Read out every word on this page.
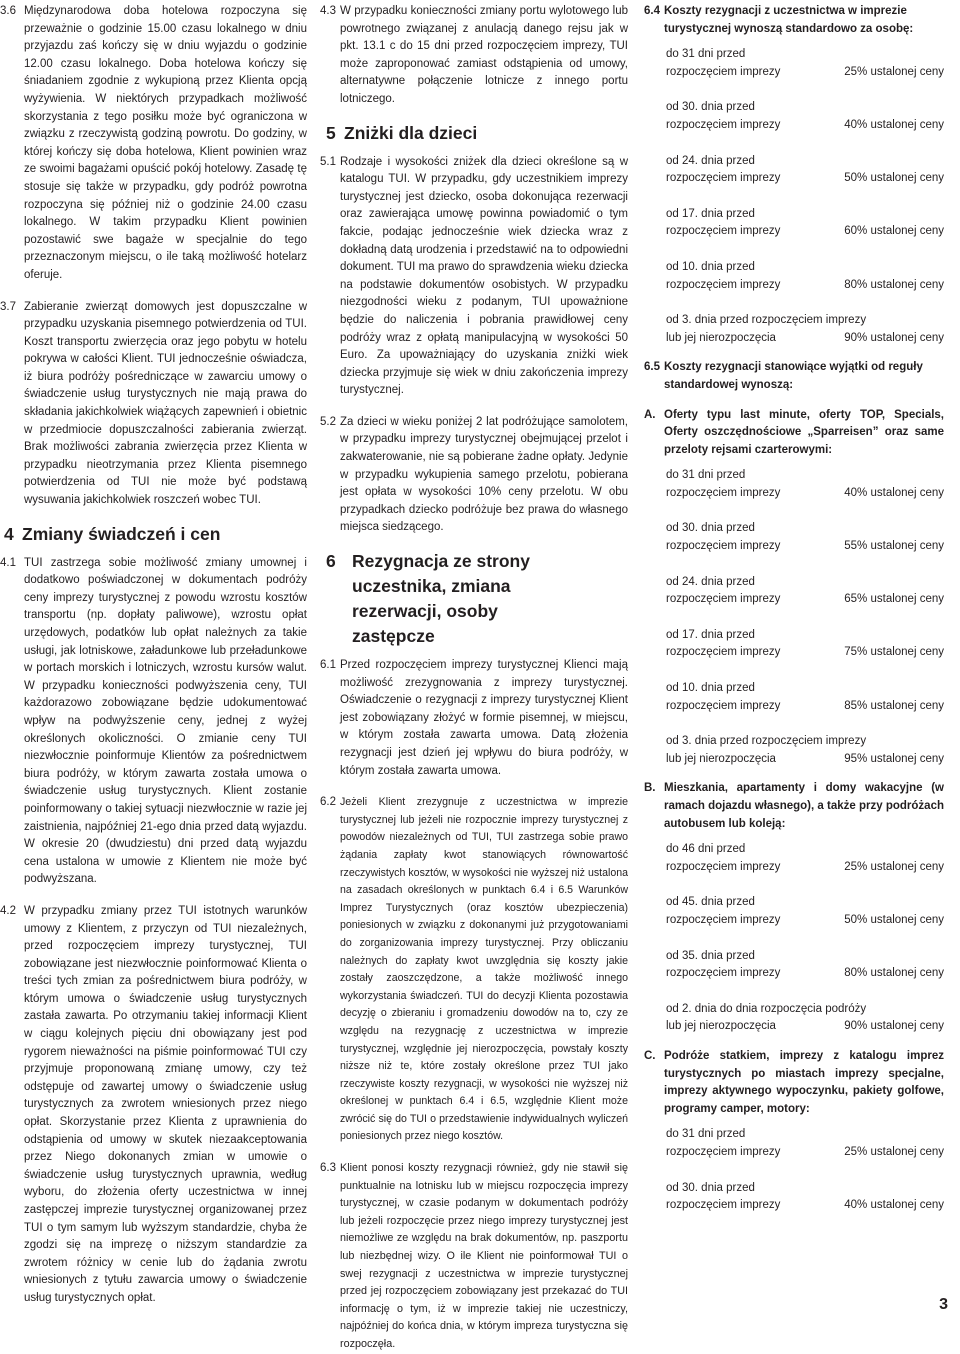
3.6 Międzynarodowa doba hotelowa rozpoczyna się przeważnie o godzinie 15.00 czasu lokalnego w dniu przyjazdu zaś kończy się w dniu wyjazdu o godzinie 12.00 czasu lokalnego. Doba hotelowa kończy się śniadaniem zgodnie z wykupioną przez Klienta opcją wyżywienia. W niektórych przypadkach możliwość skorzystania z tego posiłku może być ograniczona w związku z rzeczywistą godziną powrotu. Do godziny, w której kończy się doba hotelowa, Klient powinien wraz ze swoimi bagażami opuścić pokój hotelowy. Zasadę tę stosuje się także w przypadku, gdy podróż powrotna rozpoczyna się później niż o godzinie 24.00 czasu lokalnego. W takim przypadku Klient powinien pozostawić swe bagaże w specjalnie do tego przeznaczonym miejscu, o ile taką możliwość hotelarz oferuje.
3.7 Zabieranie zwierząt domowych jest dopuszczalne w przypadku uzyskania pisemnego potwierdzenia od TUI. Koszt transportu zwierzęcia oraz jego pobytu w hotelu pokrywa w całości Klient. TUI jednocześnie oświadcza, iż biura podróży pośredniczące w zawarciu umowy o świadczenie usług turystycznych nie mają prawa do składania jakichkolwiek wiążących zapewnień i obietnic w przedmiocie dopuszczalności zabierania zwierząt. Brak możliwości zabrania zwierzęcia przez Klienta w przypadku nieotrzymania przez Klienta pisemnego potwierdzenia od TUI nie może być podstawą wysuwania jakichkolwiek roszczeń wobec TUI.
4 Zmiany świadczeń i cen
4.1 TUI zastrzega sobie możliwość zmiany umownej i dodatkowo poświadczonej w dokumentach podróży ceny imprezy turystycznej z powodu wzrostu kosztów transportu (np. dopłaty paliwowe), wzrostu opłat urzędowych, podatków lub opłat należnych za takie usługi, jak lotniskowe, załadunkowe lub przeładunkowe w portach morskich i lotniczych, wzrostu kursów walut. W przypadku konieczności podwyższenia ceny, TUI każdorazowo zobowiązane będzie udokumentować wpływ na podwyższenie ceny, jednej z wyżej określonych okoliczności. O zmianie ceny TUI niezwłocznie poinformuje Klientów za pośrednictwem biura podróży, w którym zawarta została umowa o świadczenie usług turystycznych. Klient zostanie poinformowany o takiej sytuacji niezwłocznie w razie jej zaistnienia, najpóźniej 21-ego dnia przed datą wyjazdu. W okresie 20 (dwudziestu) dni przed datą wyjazdu cena ustalona w umowie z Klientem nie może być podwyższana.
4.2 W przypadku zmiany przez TUI istotnych warunków umowy z Klientem, z przyczyn od TUI niezależnych, przed rozpoczęciem imprezy turystycznej, TUI zobowiązane jest niezwłocznie poinformować Klienta o treści tych zmian za pośrednictwem biura podróży, w którym umowa o świadczenie usług turystycznych zastała zawarta. Po otrzymaniu takiej informacji Klient w ciągu kolejnych pięciu dni obowiązany jest pod rygorem nieważności na piśmie poinformować TUI czy przyjmuje proponowaną zmianę umowy, czy też odstępuje od zawartej umowy o świadczenie usług turystycznych za zwrotem wniesionych przez niego opłat. Skorzystanie przez Klienta z uprawnienia do odstąpienia od umowy w skutek niezaakceptowania przez Niego dokonanych zmian w umowie o świadczenie usług turystycznych uprawnia, według wyboru, do złożenia oferty uczestnictwa w innej zastępczej imprezie turystycznej organizowanej przez TUI o tym samym lub wyższym standardzie, chyba że zgodzi się na imprezę o niższym standardzie za zwrotem różnicy w cenie lub do żądania zwrotu wniesionych z tytułu zawarcia umowy o świadczenie usług turystycznych opłat.
4.3 W przypadku konieczności zmiany portu wylotowego lub powrotnego związanej z anulacją danego rejsu jak w pkt. 13.1 c do 15 dni przed rozpoczęciem imprezy, TUI może zaproponować zamiast odstąpienia od umowy, alternatywne połączenie lotnicze z innego portu lotniczego.
5 Zniżki dla dzieci
5.1 Rodzaje i wysokości zniżek dla dzieci określone są w katalogu TUI. W przypadku, gdy uczestnikiem imprezy turystycznej jest dziecko, osoba dokonująca rezerwacji oraz zawierająca umowę powinna powiadomić o tym fakcie, podając jednocześnie wiek dziecka wraz z dokładną datą urodzenia i przedstawić na to odpowiedni dokument. TUI ma prawo do sprawdzenia wieku dziecka na podstawie dokumentów osobistych. W przypadku niezgodności wieku z podanym, TUI upoważnione będzie do naliczenia i pobrania prawidłowej ceny podróży wraz z opłatą manipulacyjną w wysokości 50 Euro. Za upoważniający do uzyskania zniżki wiek dziecka przyjmuje się wiek w dniu zakończenia imprezy turystycznej.
5.2 Za dzieci w wieku poniżej 2 lat podróżujące samolotem, w przypadku imprezy turystycznej obejmującej przelot i zakwaterowanie, nie są pobierane żadne opłaty. Jedynie w przypadku wykupienia samego przelotu, pobierana jest opłata w wysokości 10% ceny przelotu. W obu przypadkach dziecko podróżuje bez prawa do własnego miejsca siedzącego.
6 Rezygnacja ze strony uczestnika, zmiana rezerwacji, osoby zastępcze
6.1 Przed rozpoczęciem imprezy turystycznej Klienci mają możliwość zrezygnowania z imprezy turystycznej. Oświadczenie o rezygnacji z imprezy turystycznej Klient jest zobowiązany złożyć w formie pisemnej, w miejscu, w którym została zawarta umowa. Datą złożenia rezygnacji jest dzień jej wpływu do biura podróży, w którym została zawarta umowa.
6.2 Jeżeli Klient zrezygnuje z uczestnictwa w imprezie turystycznej lub jeżeli nie rozpocznie imprezy turystycznej z powodów niezależnych od TUI, TUI zastrzega sobie prawo żądania zapłaty kwot stanowiących równowartość rzeczywistych kosztów, w wysokości nie wyższej niż ustalona na zasadach określonych w punktach 6.4 i 6.5 Warunków Imprez Turystycznych (oraz kosztów ubezpieczenia) poniesionych w związku z dokonanymi już przygotowaniami do zorganizowania imprezy turystycznej. Przy obliczaniu należnych do zapłaty kwot uwzględnia się koszty jakie zostały zaoszczędzone, a także możliwość innego wykorzystania świadczeń. TUI do decyzji Klienta pozostawia decyzję o zbieraniu i gromadzeniu dowodów na to, czy ze względu na rezygnację z uczestnictwa w imprezie turystycznej, względnie jej nierozpoczęcia, powstały koszty niższe niż te, które zostały określone przez TUI jako rzeczywiste koszty rezygnacji, w wysokości nie wyższej niż określonej w punktach 6.4 i 6.5, względnie Klient może zwrócić się do TUI o przedstawienie indywidualnych wyliczeń poniesionych przez niego kosztów.
6.3 Klient ponosi koszty rezygnacji również, gdy nie stawił się punktualnie na lotnisku lub w miejscu rozpoczęcia imprezy turystycznej, w czasie podanym w dokumentach podróży lub jeżeli rozpoczęcie przez niego imprezy turystycznej jest niemożliwe ze względu na brak dokumentów, np. paszportu lub niezbędnej wizy. O ile Klient nie poinformował TUI o swej rezygnacji z uczestnictwa w imprezie turystycznej przed jej rozpoczęciem zobowiązany jest przekazać do TUI informację o tym, iż w imprezie takiej nie uczestniczy, najpóźniej do końca dnia, w którym impreza turystyczna się rozpoczęła.
6.4 Koszty rezygnacji z uczestnictwa w imprezie turystycznej wynoszą standardowo za osobę:
do 31 dni przed
rozpoczęciem imprezy	25% ustalonej ceny
od 30. dnia przed
rozpoczęciem imprezy	40% ustalonej ceny
od 24. dnia przed
rozpoczęciem imprezy	50% ustalonej ceny
od 17. dnia przed
rozpoczęciem imprezy	60% ustalonej ceny
od 10. dnia przed
rozpoczęciem imprezy	80% ustalonej ceny
od 3. dnia przed rozpoczęciem imprezy
lub jej nierozpoczęcia	90% ustalonej ceny
6.5 Koszty rezygnacji stanowiące wyjątki od reguły standardowej wynoszą:
A. Oferty typu last minute, oferty TOP, Specials, Oferty oszczędnościowe „Sparreisen” oraz same przeloty rejsami czarterowymi:
do 31 dni przed
rozpoczęciem imprezy	40% ustalonej ceny
od 30. dnia przed
rozpoczęciem imprezy	55% ustalonej ceny
od 24. dnia przed
rozpoczęciem imprezy	65% ustalonej ceny
od 17. dnia przed
rozpoczęciem imprezy	75% ustalonej ceny
od 10. dnia przed
rozpoczęciem imprezy	85% ustalonej ceny
od 3. dnia przed rozpoczęciem imprezy
lub jej nierozpoczęcia	95% ustalonej ceny
B. Mieszkania, apartamenty i domy wakacyjne (w ramach dojazdu własnego), a także przy podróżach autobusem lub koleją:
do 46 dni przed
rozpoczęciem imprezy	25% ustalonej ceny
od 45. dnia przed
rozpoczęciem imprezy	50% ustalonej ceny
od 35. dnia przed
rozpoczęciem imprezy	80% ustalonej ceny
od 2. dnia do dnia rozpoczęcia podróży
lub jej nierozpoczęcia	90% ustalonej ceny
C. Podróże statkiem, imprezy z katalogu imprez turystycznych po miastach imprezy specjalne, imprezy aktywnego wypoczynku, pakiety golfowe, programy camper, motory:
do 31 dni przed
rozpoczęciem imprezy	25% ustalonej ceny
od 30. dnia przed
rozpoczęciem imprezy	40% ustalonej ceny
3
